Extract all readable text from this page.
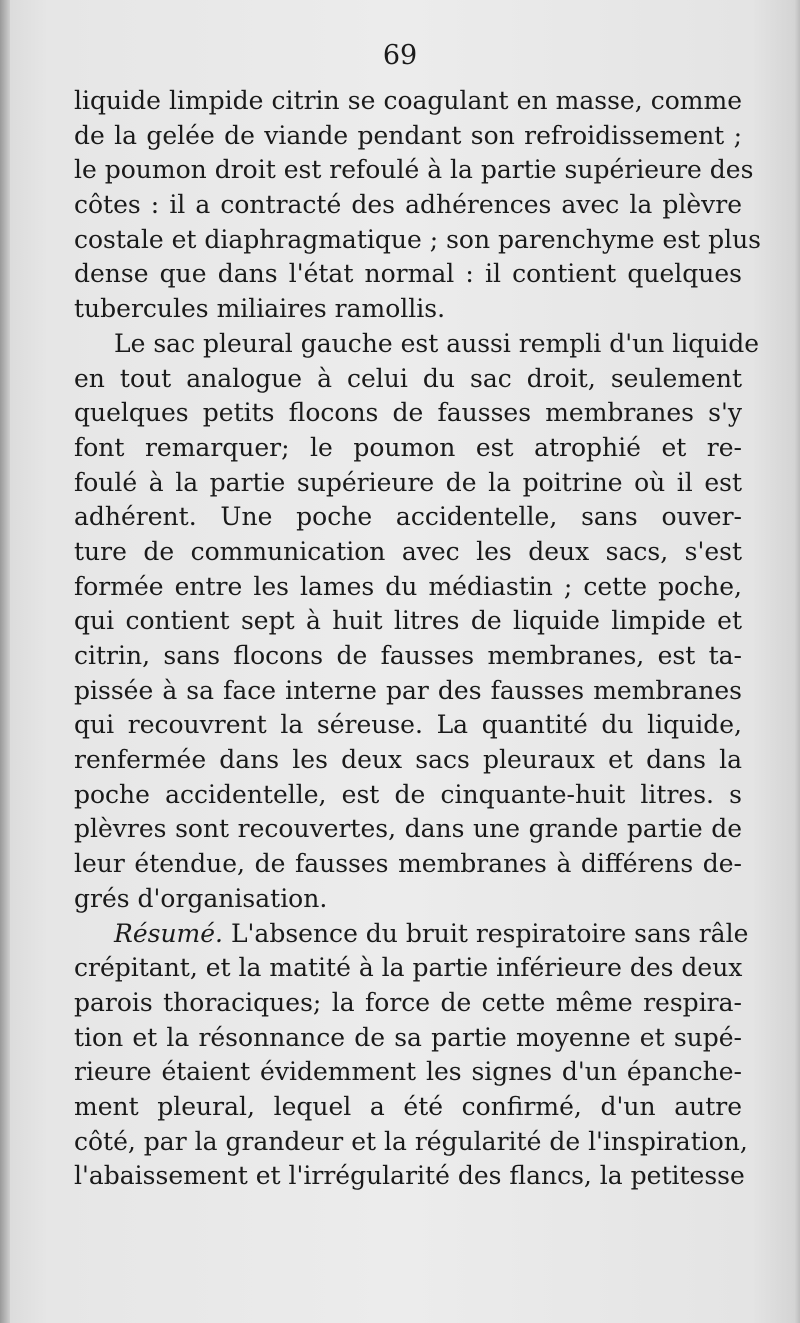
69
liquide limpide citrin se coagulant en masse, comme
de la gelée de viande pendant son refroidissement ;
le poumon droit est refoulé à la partie supérieure des
côtes : il a contracté des adhérences avec la plèvre
costale et diaphragmatique ; son parenchyme est plus
dense que dans l'état normal : il contient quelques
tubercules miliaires ramollis.
Le sac pleural gauche est aussi rempli d'un liquide
en tout analogue à celui du sac droit, seulement
quelques petits flocons de fausses membranes s'y
font remarquer; le poumon est atrophié et re-
foulé à la partie supérieure de la poitrine où il est
adhérent. Une poche accidentelle, sans ouver-
ture de communication avec les deux sacs, s'est
formée entre les lames du médiastin ; cette poche,
qui contient sept à huit litres de liquide limpide et
citrin, sans flocons de fausses membranes, est ta-
pissée à sa face interne par des fausses membranes
qui recouvrent la séreuse. La quantité du liquide,
renfermée dans les deux sacs pleuraux et dans la
poche accidentelle, est de cinquante-huit litres. s
plèvres sont recouvertes, dans une grande partie de
leur étendue, de fausses membranes à différens de-
grés d'organisation.
Résumé. L'absence du bruit respiratoire sans râle
crépitant, et la matité à la partie inférieure des deux
parois thoraciques; la force de cette même respira-
tion et la résonnance de sa partie moyenne et supé-
rieure étaient évidemment les signes d'un épanche-
ment pleural, lequel a été confirmé, d'un autre
côté, par la grandeur et la régularité de l'inspiration,
l'abaissement et l'irrégularité des flancs, la petitesse
